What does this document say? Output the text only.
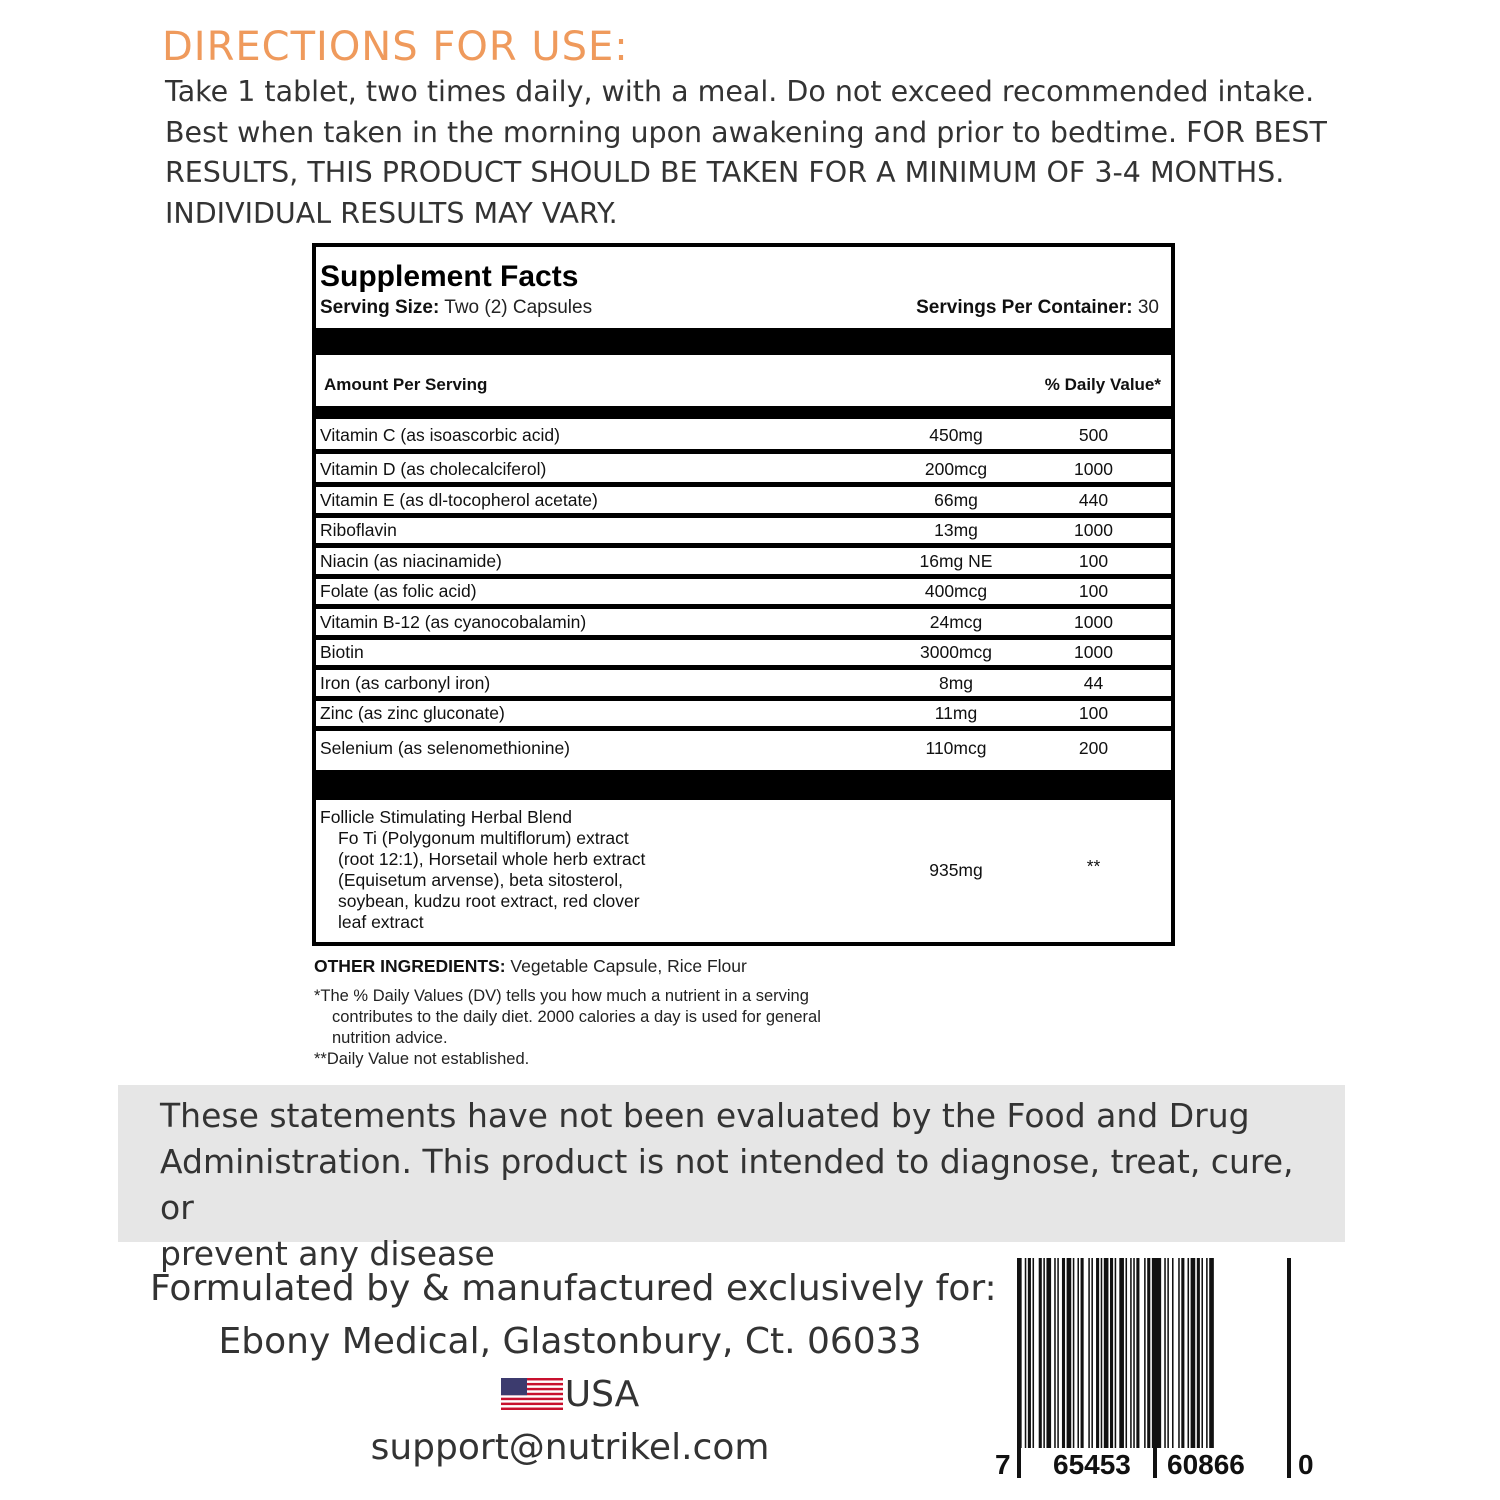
DIRECTIONS FOR USE:
Take 1 tablet, two times daily, with a meal. Do not exceed recommended intake.
Best when taken in the morning upon awakening and prior to bedtime. FOR BEST
RESULTS, THIS PRODUCT SHOULD BE TAKEN FOR A MINIMUM OF 3-4 MONTHS.
INDIVIDUAL RESULTS MAY VARY.
Supplement Facts
Serving Size: Two (2) Capsules	Servings Per Container: 30
Amount Per Serving	% Daily Value*
Vitamin C (as isoascorbic acid)	450mg	500
Vitamin D (as cholecalciferol)	200mcg	1000
Vitamin E (as dl-tocopherol acetate)	66mg	440
Riboflavin	13mg	1000
Niacin (as niacinamide)	16mg NE	100
Folate (as folic acid)	400mcg	100
Vitamin B-12 (as cyanocobalamin)	24mcg	1000
Biotin	3000mcg	1000
Iron (as carbonyl iron)	8mg	44
Zinc (as zinc gluconate)	11mg	100
Selenium (as selenomethionine)	110mcg	200
Follicle Stimulating Herbal Blend
Fo Ti (Polygonum multiflorum) extract
(root 12:1), Horsetail whole herb extract
(Equisetum arvense), beta sitosterol,
soybean, kudzu root extract, red clover
leaf extract
935mg	**
OTHER INGREDIENTS: Vegetable Capsule, Rice Flour
*The % Daily Values (DV) tells you how much a nutrient in a serving
contributes to the daily diet. 2000 calories a day is used for general
nutrition advice.
**Daily Value not established.

These statements have not been evaluated by the Food and Drug
Administration. This product is not intended to diagnose, treat, cure, or
prevent any disease

Formulated by & manufactured exclusively for:
Ebony Medical, Glastonbury, Ct. 06033
USA
support@nutrikel.com	7 65453 60866 0
